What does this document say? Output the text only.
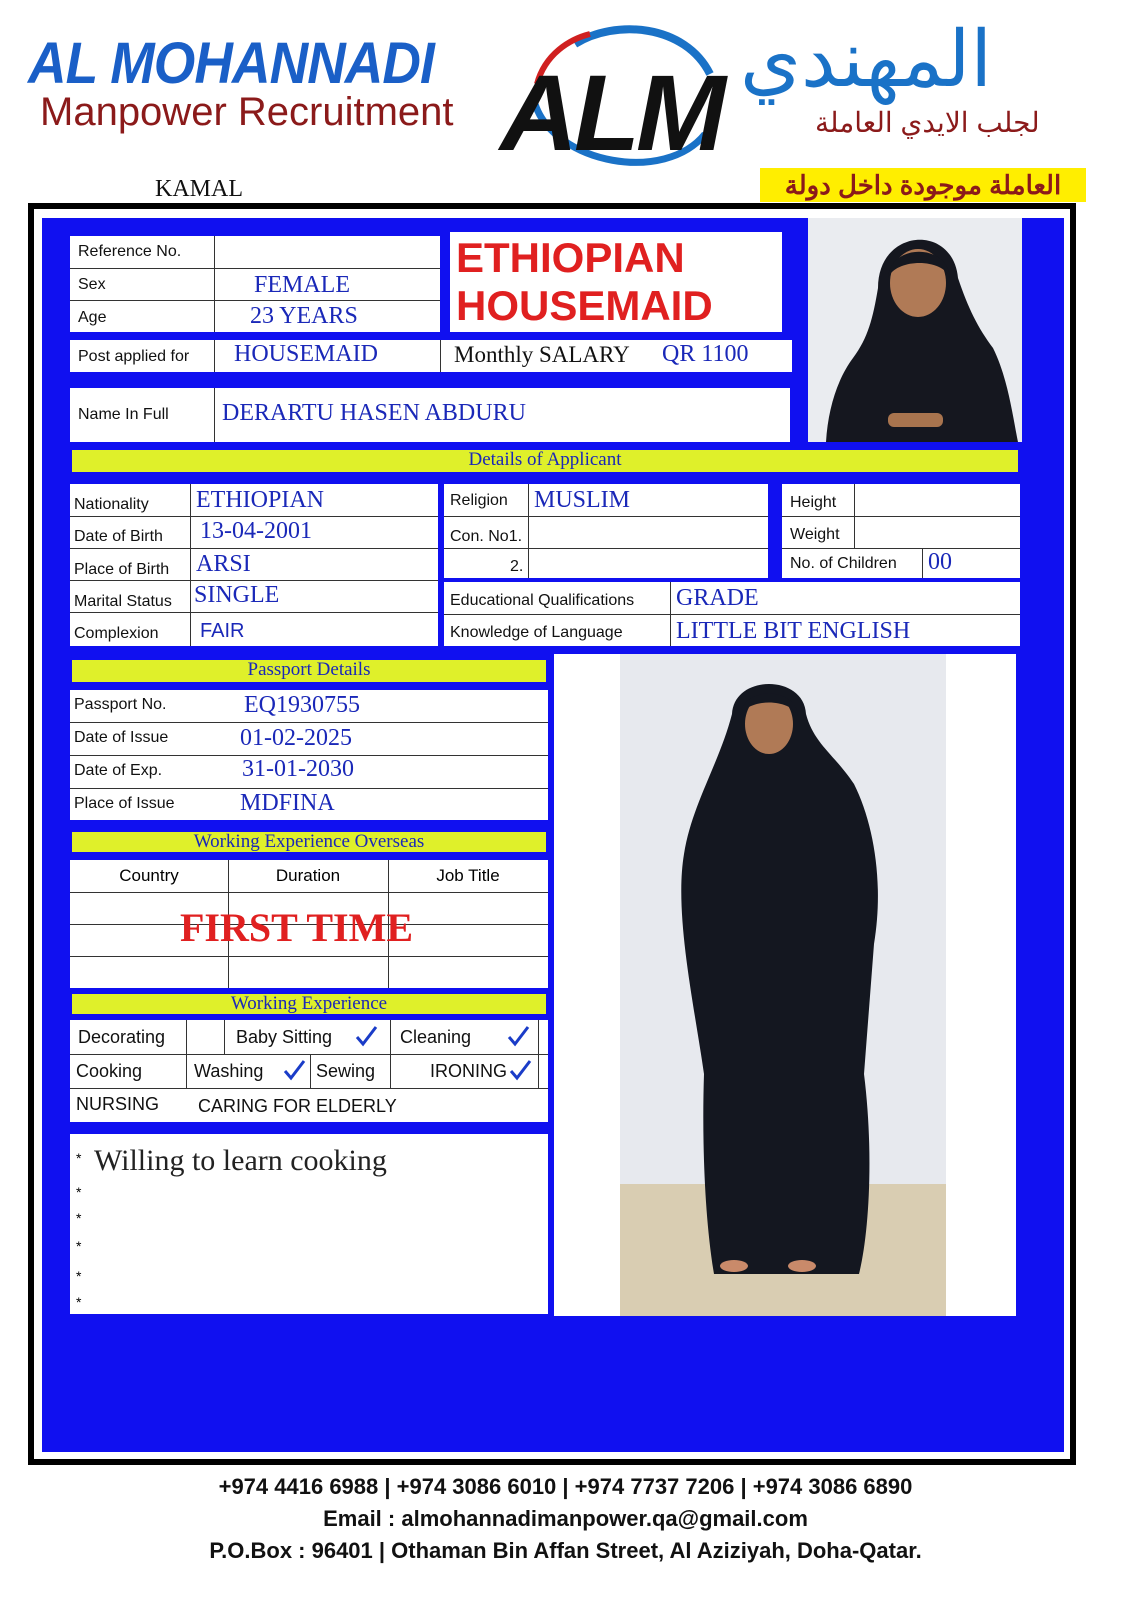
AL MOHANNADI
Manpower Recruitment ALM المهندي
لجلب الايدي العاملة
KAMAL	العاملة موجودة داخل دولة
Reference No.
Sex	FEMALE
Age	23 YEARS
ETHIOPIAN
HOUSEMAID
Post applied for HOUSEMAID	Monthly SALARY QR 1100
Name In Full DERARTU HASEN ABDURU
Details of Applicant
Nationality ETHIOPIAN
Date of Birth 13-04-2001
Place of Birth ARSI
Marital Status SINGLE
Complexion FAIR
Religion MUSLIM
Con. No1.
2.
Height
Weight
No. of Children 00
Educational Qualifications GRADE
Knowledge of Language LITTLE BIT ENGLISH
Passport Details
Passport No.	EQ1930755
Date of Issue	01-02-2025
Date of Exp.	31-01-2030
Place of Issue	MDFINA
Working Experience Overseas
Country	Duration	Job Title
FIRST TIME
Working Experience
Decorating	Baby Sitting	Cleaning
Cooking	Washing	Sewing	IRONING
NURSING CARING FOR ELDERLY
* Willing to learn cooking
*
*
*
*
*
+974 4416 6988 | +974 3086 6010 | +974 7737 7206 | +974 3086 6890
Email : almohannadimanpower.qa@gmail.com
P.O.Box : 96401 | Othaman Bin Affan Street, Al Aziziyah, Doha-Qatar.
